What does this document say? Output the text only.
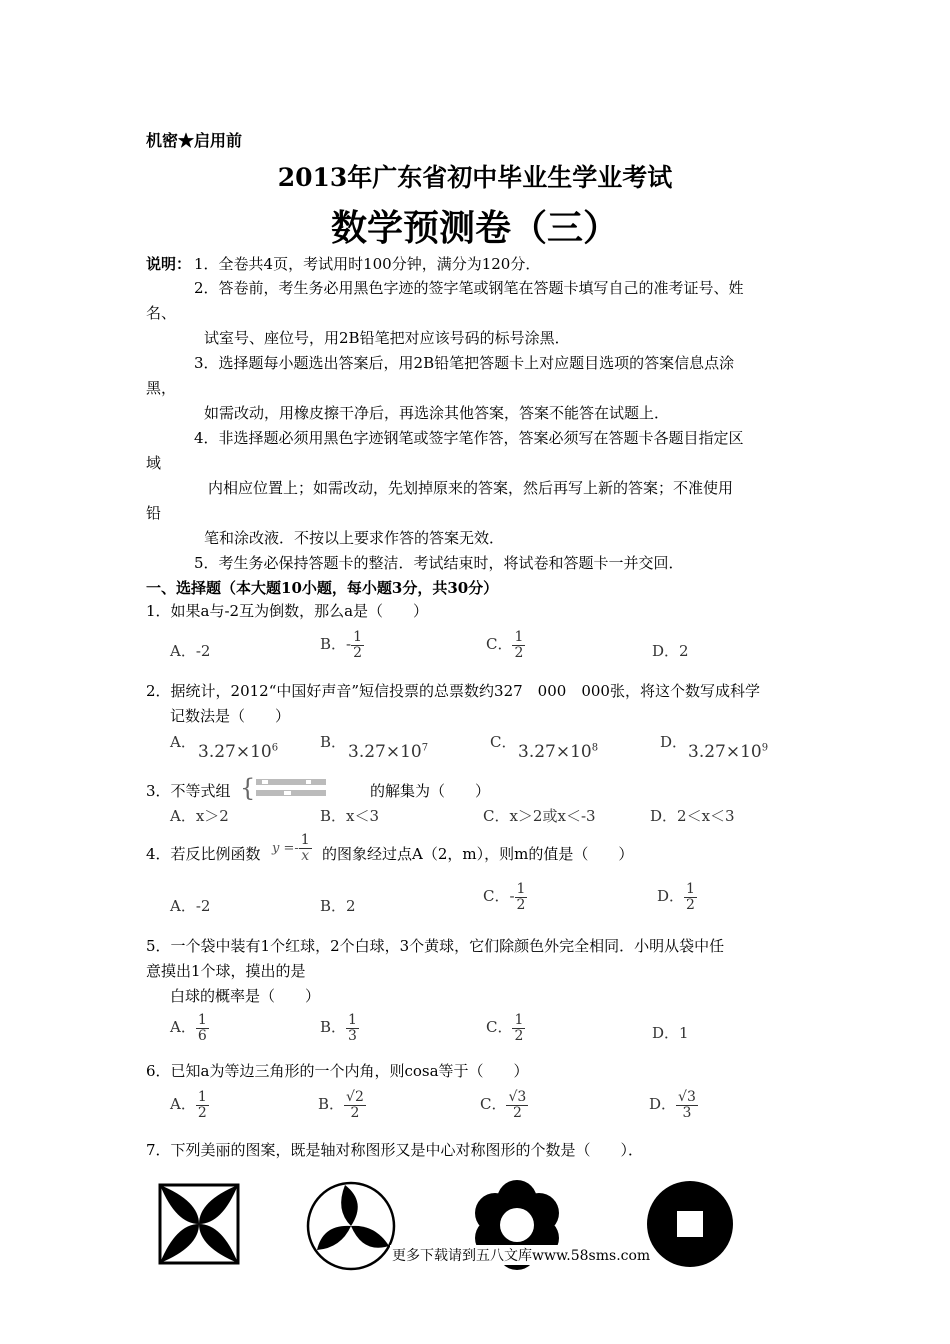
机密★启用前
2013年广东省初中毕业生学业考试
数学预测卷（三）
说明： 1．全卷共4页，考试用时100分钟，满分为120分．
2．答卷前，考生务必用黑色字迹的签字笔或钢笔在答题卡填写自己的准考证号、姓
名、
试室号、座位号，用2B铅笔把对应该号码的标号涂黑．
3．选择题每小题选出答案后，用2B铅笔把答题卡上对应题目选项的答案信息点涂
黑，
如需改动，用橡皮擦干净后，再选涂其他答案，答案不能答在试题上．
4．非选择题必须用黑色字迹钢笔或签字笔作答，答案必须写在答题卡各题目指定区
域
内相应位置上；如需改动，先划掉原来的答案，然后再写上新的答案；不准使用
铅
笔和涂改液．不按以上要求作答的答案无效．
5．考生务必保持答题卡的整洁．考试结束时，将试卷和答题卡一并交回．
一、选择题（本大题10小题，每小题3分，共30分）
1．如果a与-2互为倒数，那么a是（　　）
A．-2	B．- $\frac{1}{2}$	C． $\frac{1}{2}$	D．2
2．据统计，2012“中国好声音”短信投票的总票数约327　000　000张，将这个数写成科学
记数法是（　　）
A． $3.27\times 10^6$	B． $3.27\times 10^7$	C． $3.27\times 10^8$	D． $3.27\times 10^9$
3．不等式组 {	的解集为（　　）
A．x＞2	B．x＜3	C．x＞2或x＜-3	D．2＜x＜3
4．若反比例函数 $y =- \frac{1}{x}$ 的图象经过点A（2，m），则m的值是（　　）
A．-2	B．2
C．- $\frac{1}{2}$	D． $\frac{1}{2}$
5．一个袋中装有1个红球，2个白球，3个黄球，它们除颜色外完全相同．小明从袋中任
意摸出1个球，摸出的是
白球的概率是（　　）
A． $\frac{1}{6}$	B． $\frac{1}{3}$	C． $\frac{1}{2}$	D．1
6．已知a为等边三角形的一个内角，则cosa等于（　　）
A． $\frac{1}{2}$	B． $\frac{√2}{2}$	C． $\frac{√3}{2}$	D． $\frac{√3}{3}$
7．下列美丽的图案，既是轴对称图形又是中心对称图形的个数是（　　）．
更多下载请到五八文库www.58sms.com
